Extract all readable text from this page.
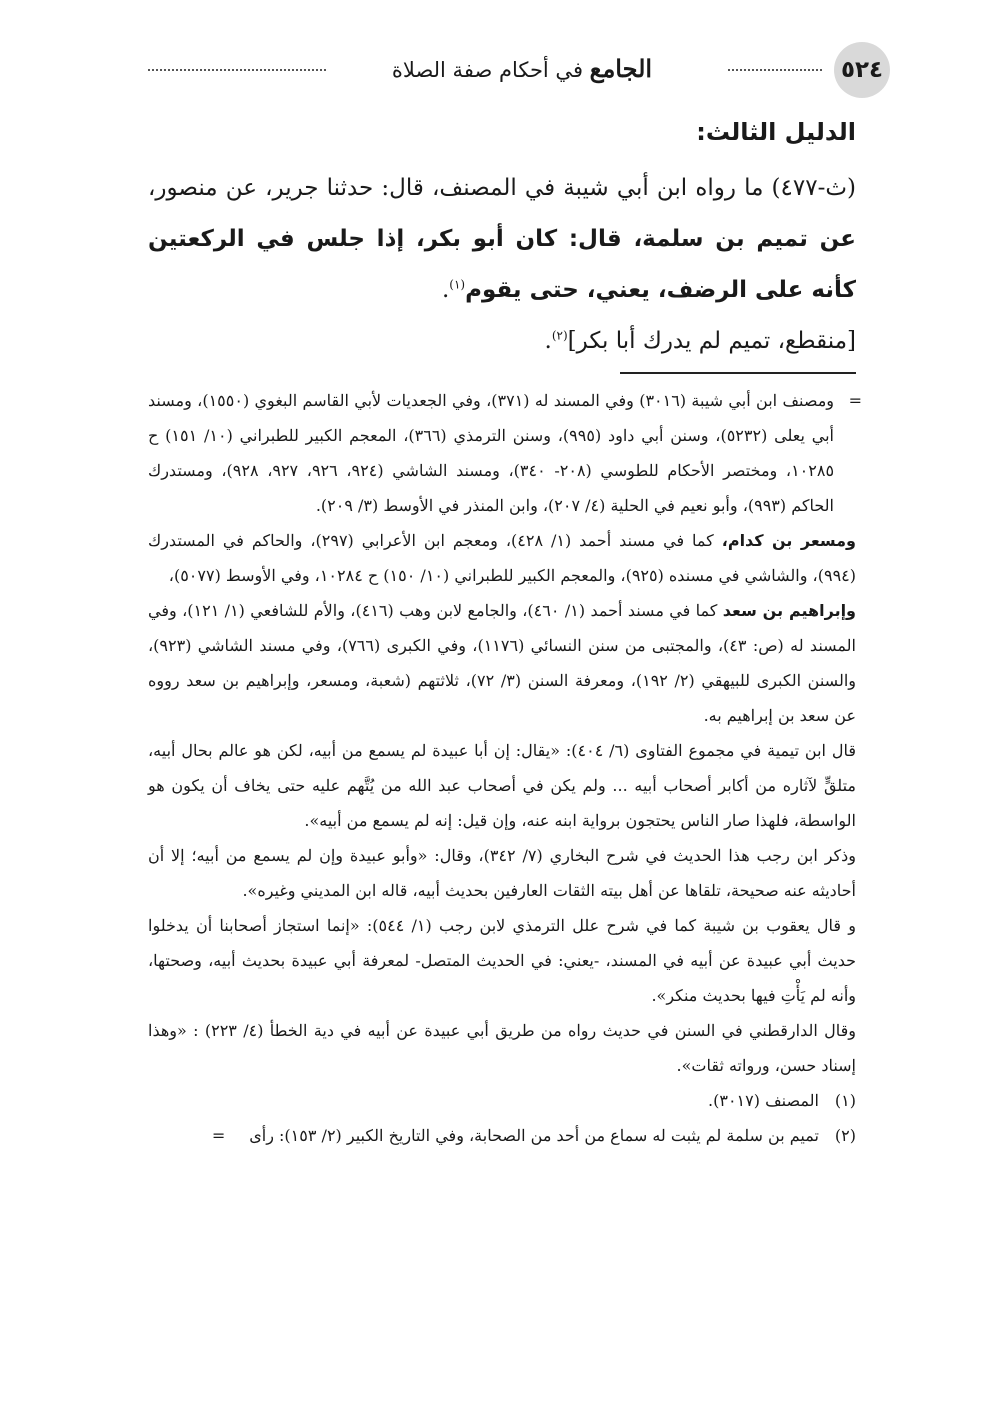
٥٢٤
الجامع في أحكام صفة الصلاة
الدليل الثالث:

(ث-٤٧٧) ما رواه ابن أبي شيبة في المصنف، قال: حدثنا جرير، عن منصور، عن تميم بن سلمة، قال: كان أبو بكر، إذا جلس في الركعتين كأنه على الرضف، يعني، حتى يقوم$^{(١)}$.

[منقطع، تميم لم يدرك أبا بكر]$^{(٢)}$.

=
ومصنف ابن أبي شيبة (٣٠١٦) وفي المسند له (٣٧١)، وفي الجعديات لأبي القاسم البغوي (١٥٥٠)، ومسند أبي يعلى (٥٢٣٢)، وسنن أبي داود (٩٩٥)، وسنن الترمذي (٣٦٦)، المعجم الكبير للطبراني (١٠/ ١٥١) ح ١٠٢٨٥، ومختصر الأحكام للطوسي (٢٠٨- ٣٤٠)، ومسند الشاشي (٩٢٤، ٩٢٦، ٩٢٧، ٩٢٨)، ومستدرك الحاكم (٩٩٣)، وأبو نعيم في الحلية (٤/ ٢٠٧)، وابن المنذر في الأوسط (٣/ ٢٠٩).

ومسعر بن كدام، كما في مسند أحمد (١/ ٤٢٨)، ومعجم ابن الأعرابي (٢٩٧)، والحاكم في المستدرك (٩٩٤)، والشاشي في مسنده (٩٢٥)، والمعجم الكبير للطبراني (١٠/ ١٥٠) ح ١٠٢٨٤، وفي الأوسط (٥٠٧٧)،

وإبراهيم بن سعد كما في مسند أحمد (١/ ٤٦٠)، والجامع لابن وهب (٤١٦)، والأم للشافعي (١/ ١٢١)، وفي المسند له (ص: ٤٣)، والمجتبى من سنن النسائي (١١٧٦)، وفي الكبرى (٧٦٦)، وفي مسند الشاشي (٩٢٣)، والسنن الكبرى للبيهقي (٢/ ١٩٢)، ومعرفة السنن (٣/ ٧٢)، ثلاثتهم (شعبة، ومسعر، وإبراهيم بن سعد رووه عن سعد بن إبراهيم به.

قال ابن تيمية في مجموع الفتاوى (٦/ ٤٠٤): «يقال: إن أبا عبيدة لم يسمع من أبيه، لكن هو عالم بحال أبيه، متلقٍّ لآثاره من أكابر أصحاب أبيه ... ولم يكن في أصحاب عبد الله من يُتَّهم عليه حتى يخاف أن يكون هو الواسطة، فلهذا صار الناس يحتجون برواية ابنه عنه، وإن قيل: إنه لم يسمع من أبيه».

وذكر ابن رجب هذا الحديث في شرح البخاري (٧/ ٣٤٢)، وقال: «وأبو عبيدة وإن لم يسمع من أبيه؛ إلا أن أحاديثه عنه صحيحة، تلقاها عن أهل بيته الثقات العارفين بحديث أبيه، قاله ابن المديني وغيره».

و قال يعقوب بن شيبة كما في شرح علل الترمذي لابن رجب (١/ ٥٤٤): «إنما استجاز أصحابنا أن يدخلوا حديث أبي عبيدة عن أبيه في المسند، -يعني: في الحديث المتصل- لمعرفة أبي عبيدة بحديث أبيه، وصحتها، وأنه لم يَأْتِ فيها بحديث منكر».

وقال الدارقطني في السنن في حديث رواه من طريق أبي عبيدة عن أبيه في دية الخطأ (٤/ ٢٢٣) : «وهذا إسناد حسن، ورواته ثقات».

(١)
المصنف (٣٠١٧).

(٢)
تميم بن سلمة لم يثبت له سماع من أحد من الصحابة، وفي التاريخ الكبير (٢/ ١٥٣): رأى
=
